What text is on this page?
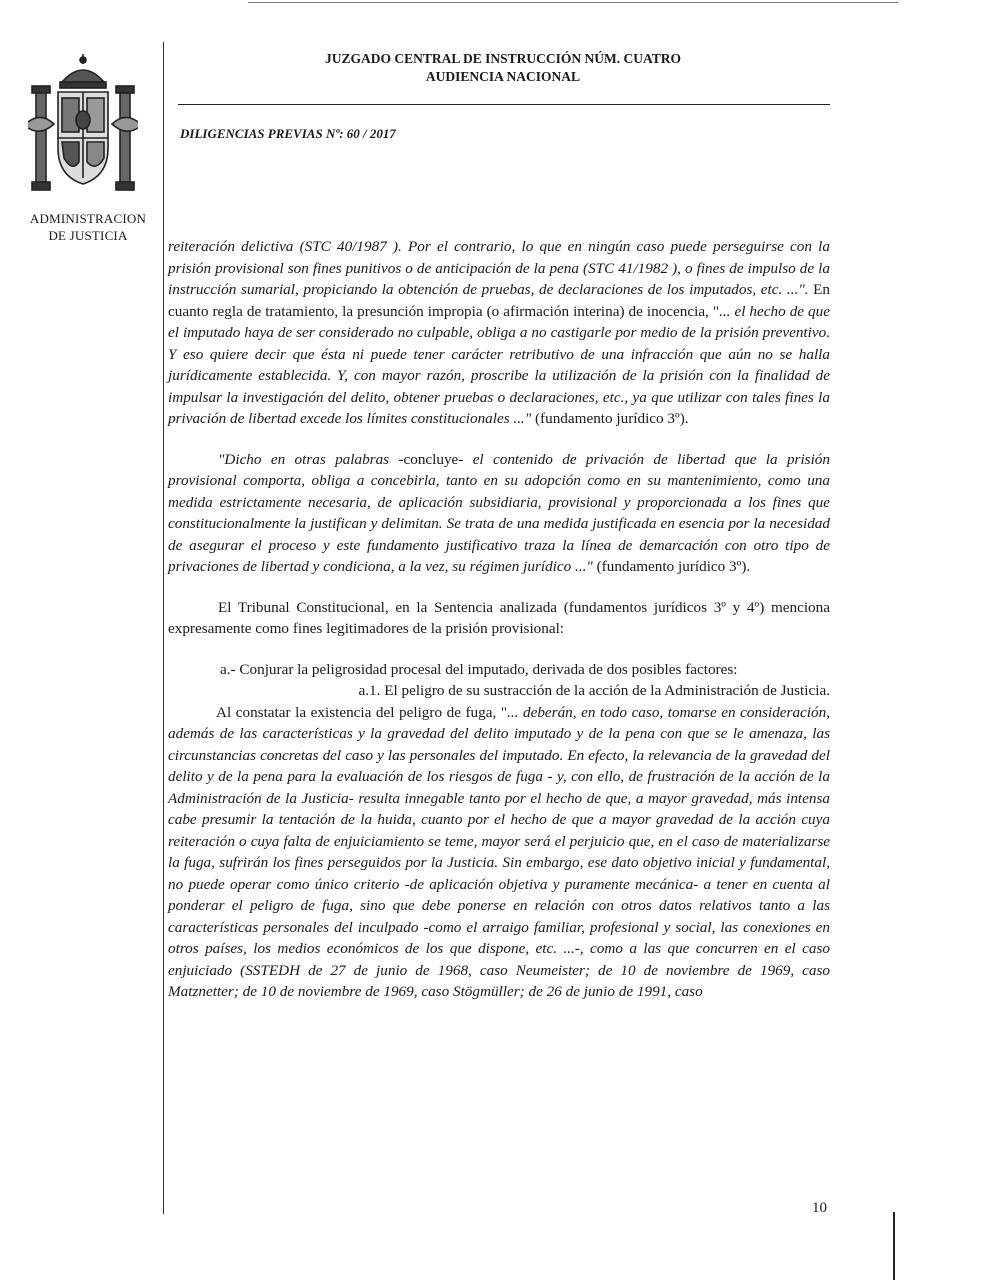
ADMINISTRACION
DE JUSTICIA
JUZGADO CENTRAL DE INSTRUCCIÓN NÚM. CUATRO
AUDIENCIA NACIONAL
DILIGENCIAS PREVIAS Nº: 60 / 2017

reiteración delictiva (STC 40/1987 ). Por el contrario, lo que en ningún caso puede perseguirse con la prisión provisional son fines punitivos o de anticipación de la pena (STC 41/1982 ), o fines de impulso de la instrucción sumarial, propiciando la obtención de pruebas, de declaraciones de los imputados, etc. ...". En cuanto regla de tratamiento, la presunción impropia (o afirmación interina) de inocencia, "... el hecho de que el imputado haya de ser considerado no culpable, obliga a no castigarle por medio de la prisión preventivo. Y eso quiere decir que ésta ni puede tener carácter retributivo de una infracción que aún no se halla jurídicamente establecida. Y, con mayor razón, proscribe la utilización de la prisión con la finalidad de impulsar la investigación del delito, obtener pruebas o declaraciones, etc., ya que utilizar con tales fines la privación de libertad excede los límites constitucionales ..." (fundamento jurídico 3º).

"Dicho en otras palabras -concluye- el contenido de privación de libertad que la prisión provisional comporta, obliga a concebirla, tanto en su adopción como en su mantenimiento, como una medida estrictamente necesaria, de aplicación subsidiaria, provisional y proporcionada a los fines que constitucionalmente la justifican y delimitan. Se trata de una medida justificada en esencia por la necesidad de asegurar el proceso y este fundamento justificativo traza la línea de demarcación con otro tipo de privaciones de libertad y condiciona, a la vez, su régimen jurídico ..." (fundamento jurídico 3º).

El Tribunal Constitucional, en la Sentencia analizada (fundamentos jurídicos 3º y 4º) menciona expresamente como fines legitimadores de la prisión provisional:

a.- Conjurar la peligrosidad procesal del imputado, derivada de dos posibles factores:

a.1. El peligro de su sustracción de la acción de la Administración de Justicia.

Al constatar la existencia del peligro de fuga, "... deberán, en todo caso, tomarse en consideración, además de las características y la gravedad del delito imputado y de la pena con que se le amenaza, las circunstancias concretas del caso y las personales del imputado. En efecto, la relevancia de la gravedad del delito y de la pena para la evaluación de los riesgos de fuga - y, con ello, de frustración de la acción de la Administración de la Justicia- resulta innegable tanto por el hecho de que, a mayor gravedad, más intensa cabe presumir la tentación de la huida, cuanto por el hecho de que a mayor gravedad de la acción cuya reiteración o cuya falta de enjuiciamiento se teme, mayor será el perjuicio que, en el caso de materializarse la fuga, sufrirán los fines perseguidos por la Justicia. Sin embargo, ese dato objetivo inicial y fundamental, no puede operar como único criterio -de aplicación objetiva y puramente mecánica- a tener en cuenta al ponderar el peligro de fuga, sino que debe ponerse en relación con otros datos relativos tanto a las características personales del inculpado -como el arraigo familiar, profesional y social, las conexiones en otros países, los medios económicos de los que dispone, etc. ...-, como a las que concurren en el caso enjuiciado (SSTEDH de 27 de junio de 1968, caso Neumeister; de 10 de noviembre de 1969, caso Matznetter; de 10 de noviembre de 1969, caso Stögmüller; de 26 de junio de 1991, caso

10
